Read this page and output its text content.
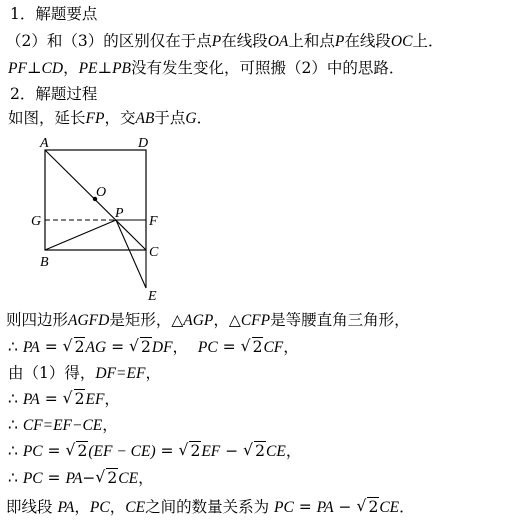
1．解题要点
（2）和（3）的区别仅在于点P在线段OA上和点P在线段OC上．
PF⊥CD，PE⊥PB没有发生变化，可照搬（2）中的思路．
2．解题过程
如图，延长FP，交AB于点G．
A	D
O
G
P
F
B
C
E
则四边形AGFD是矩形，△AGP，△CFP是等腰直角三角形，
∴ PA = √ 2AG = √ 2DF， PC = √ 2CF，
由（1）得，DF=EF，
∴ PA = √ 2EF，
∴ CF=EF−CE，
∴ PC = √ 2(EF − CE) = √ 2EF − √ 2CE，
∴ PC = PA− √ 2CE，
即线段 PA，PC，CE之间的数量关系为 PC = PA − √ 2CE．
